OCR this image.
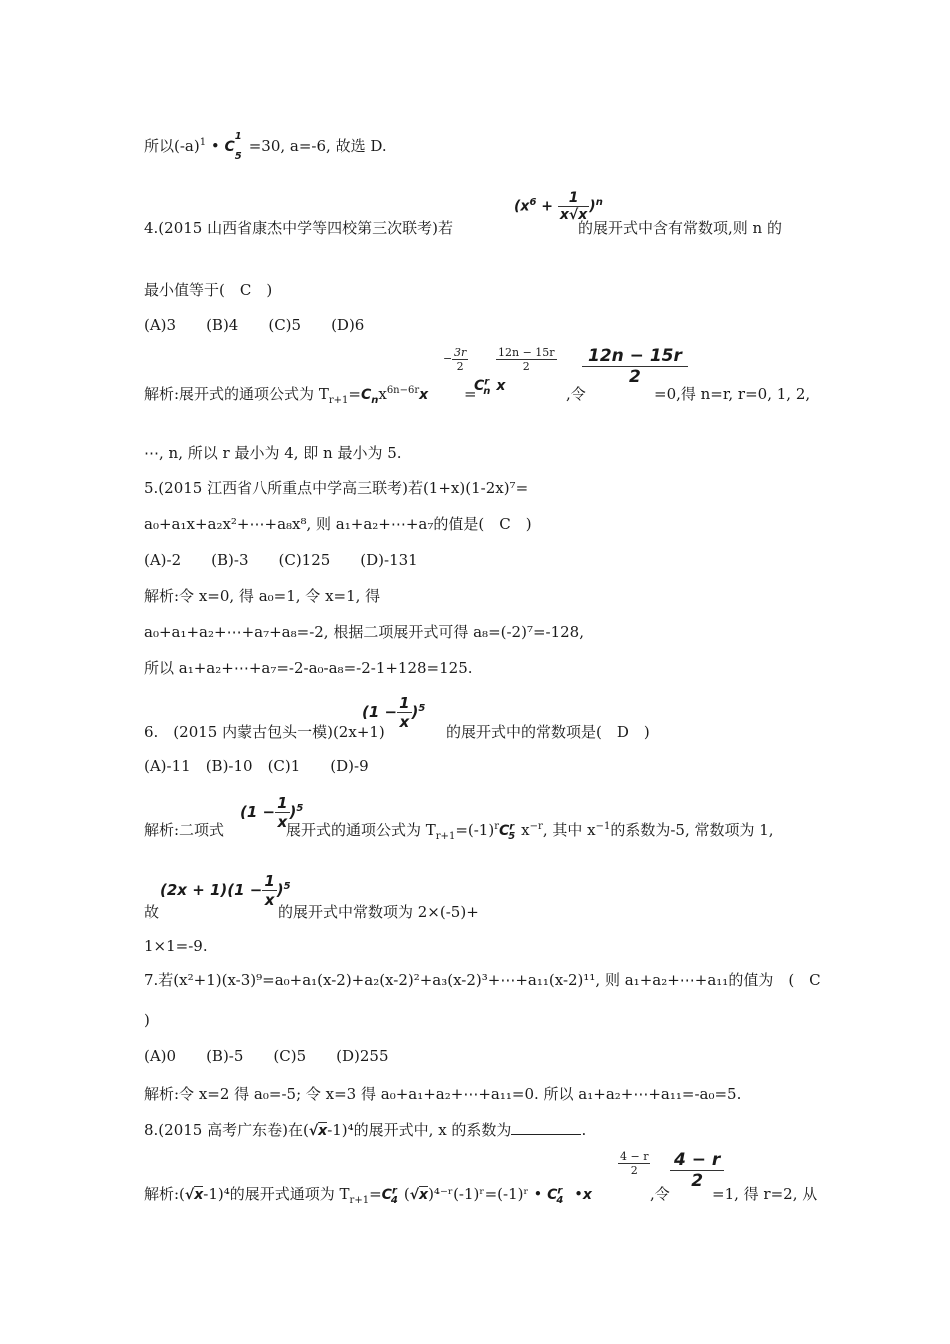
所以$(-a)^1$ • $C^1_5=30$, a=-6, 故选 D.
$(x^6 + \frac{1}{x√x} )^n$
4.(2015 山西省康杰中学等四校第三次联考)若	的展开式中含有常数项,则 n 的
最小值等于(　C　)
(A)3　　(B)4　　(C)5　　(D)6
解析:展开式的通项公式为 $T_{r+1}=C_nx^{6n-6r}x$
− $\frac{3r}{2}$
=
$C^r_n$ x
$\frac{12n - 15r}{2}$
,令
$\frac{12n - 15r}{2}$
=0,得 n=r, r=0, 1, 2,
⋯, n, 所以 r 最小为 4, 即 n 最小为 5.
5.(2015 江西省八所重点中学高三联考)若(1+x)(1-2x)⁷=
a₀+a₁x+a₂x²+⋯+a₈x⁸, 则 a₁+a₂+⋯+a₇的值是(　C　)
(A)-2　　(B)-3　　(C)125　　(D)-131
解析:令 x=0, 得 a₀=1, 令 x=1, 得
a₀+a₁+a₂+⋯+a₇+a₈=-2, 根据二项展开式可得 a₈=(-2)⁷=-128,
所以 a₁+a₂+⋯+a₇=-2-a₀-a₈=-2-1+128=125.
$(1 - \frac{1}{x} )^5$
6.　(2015 内蒙古包头一模)(2x+1)	的展开式中的常数项是(　D　)
(A)-11　(B)-10　(C)1　　(D)-9
$(1 - \frac{1}{x} )^5$
解析:二项式	展开式的通项公式为 $T_{r+1}=(-1)^rC^r_5$ $x^{-r}$, 其中 $x^{-1}$的系数为-5, 常数项为 1,
$(2x + 1)(1 - \frac{1}{x} )^5$
故	的展开式中常数项为 2×(-5)+
1×1=-9.
7.若(x²+1)(x-3)⁹=a₀+a₁(x-2)+a₂(x-2)²+a₃(x-2)³+⋯+a₁₁(x-2)¹¹, 则 a₁+a₂+⋯+a₁₁的值为　(　C
)
(A)0　　(B)-5　　(C)5　　(D)255
解析:令 x=2 得 a₀=-5; 令 x=3 得 a₀+a₁+a₂+⋯+a₁₁=0. 所以 a₁+a₂+⋯+a₁₁=-a₀=5.
8.(2015 高考广东卷)在(√x-1)⁴的展开式中, x 的系数为	.
解析:(√x-1)⁴的展开式通项为 $T_{r+1}=C^r_4$ (√x)⁴⁻ʳ(-1)ʳ=(-1)ʳ • $C^r_4$ •x
$\frac{4 - r}{2}$
,令
$\frac{4 - r}{2}$
=1, 得 r=2, 从
